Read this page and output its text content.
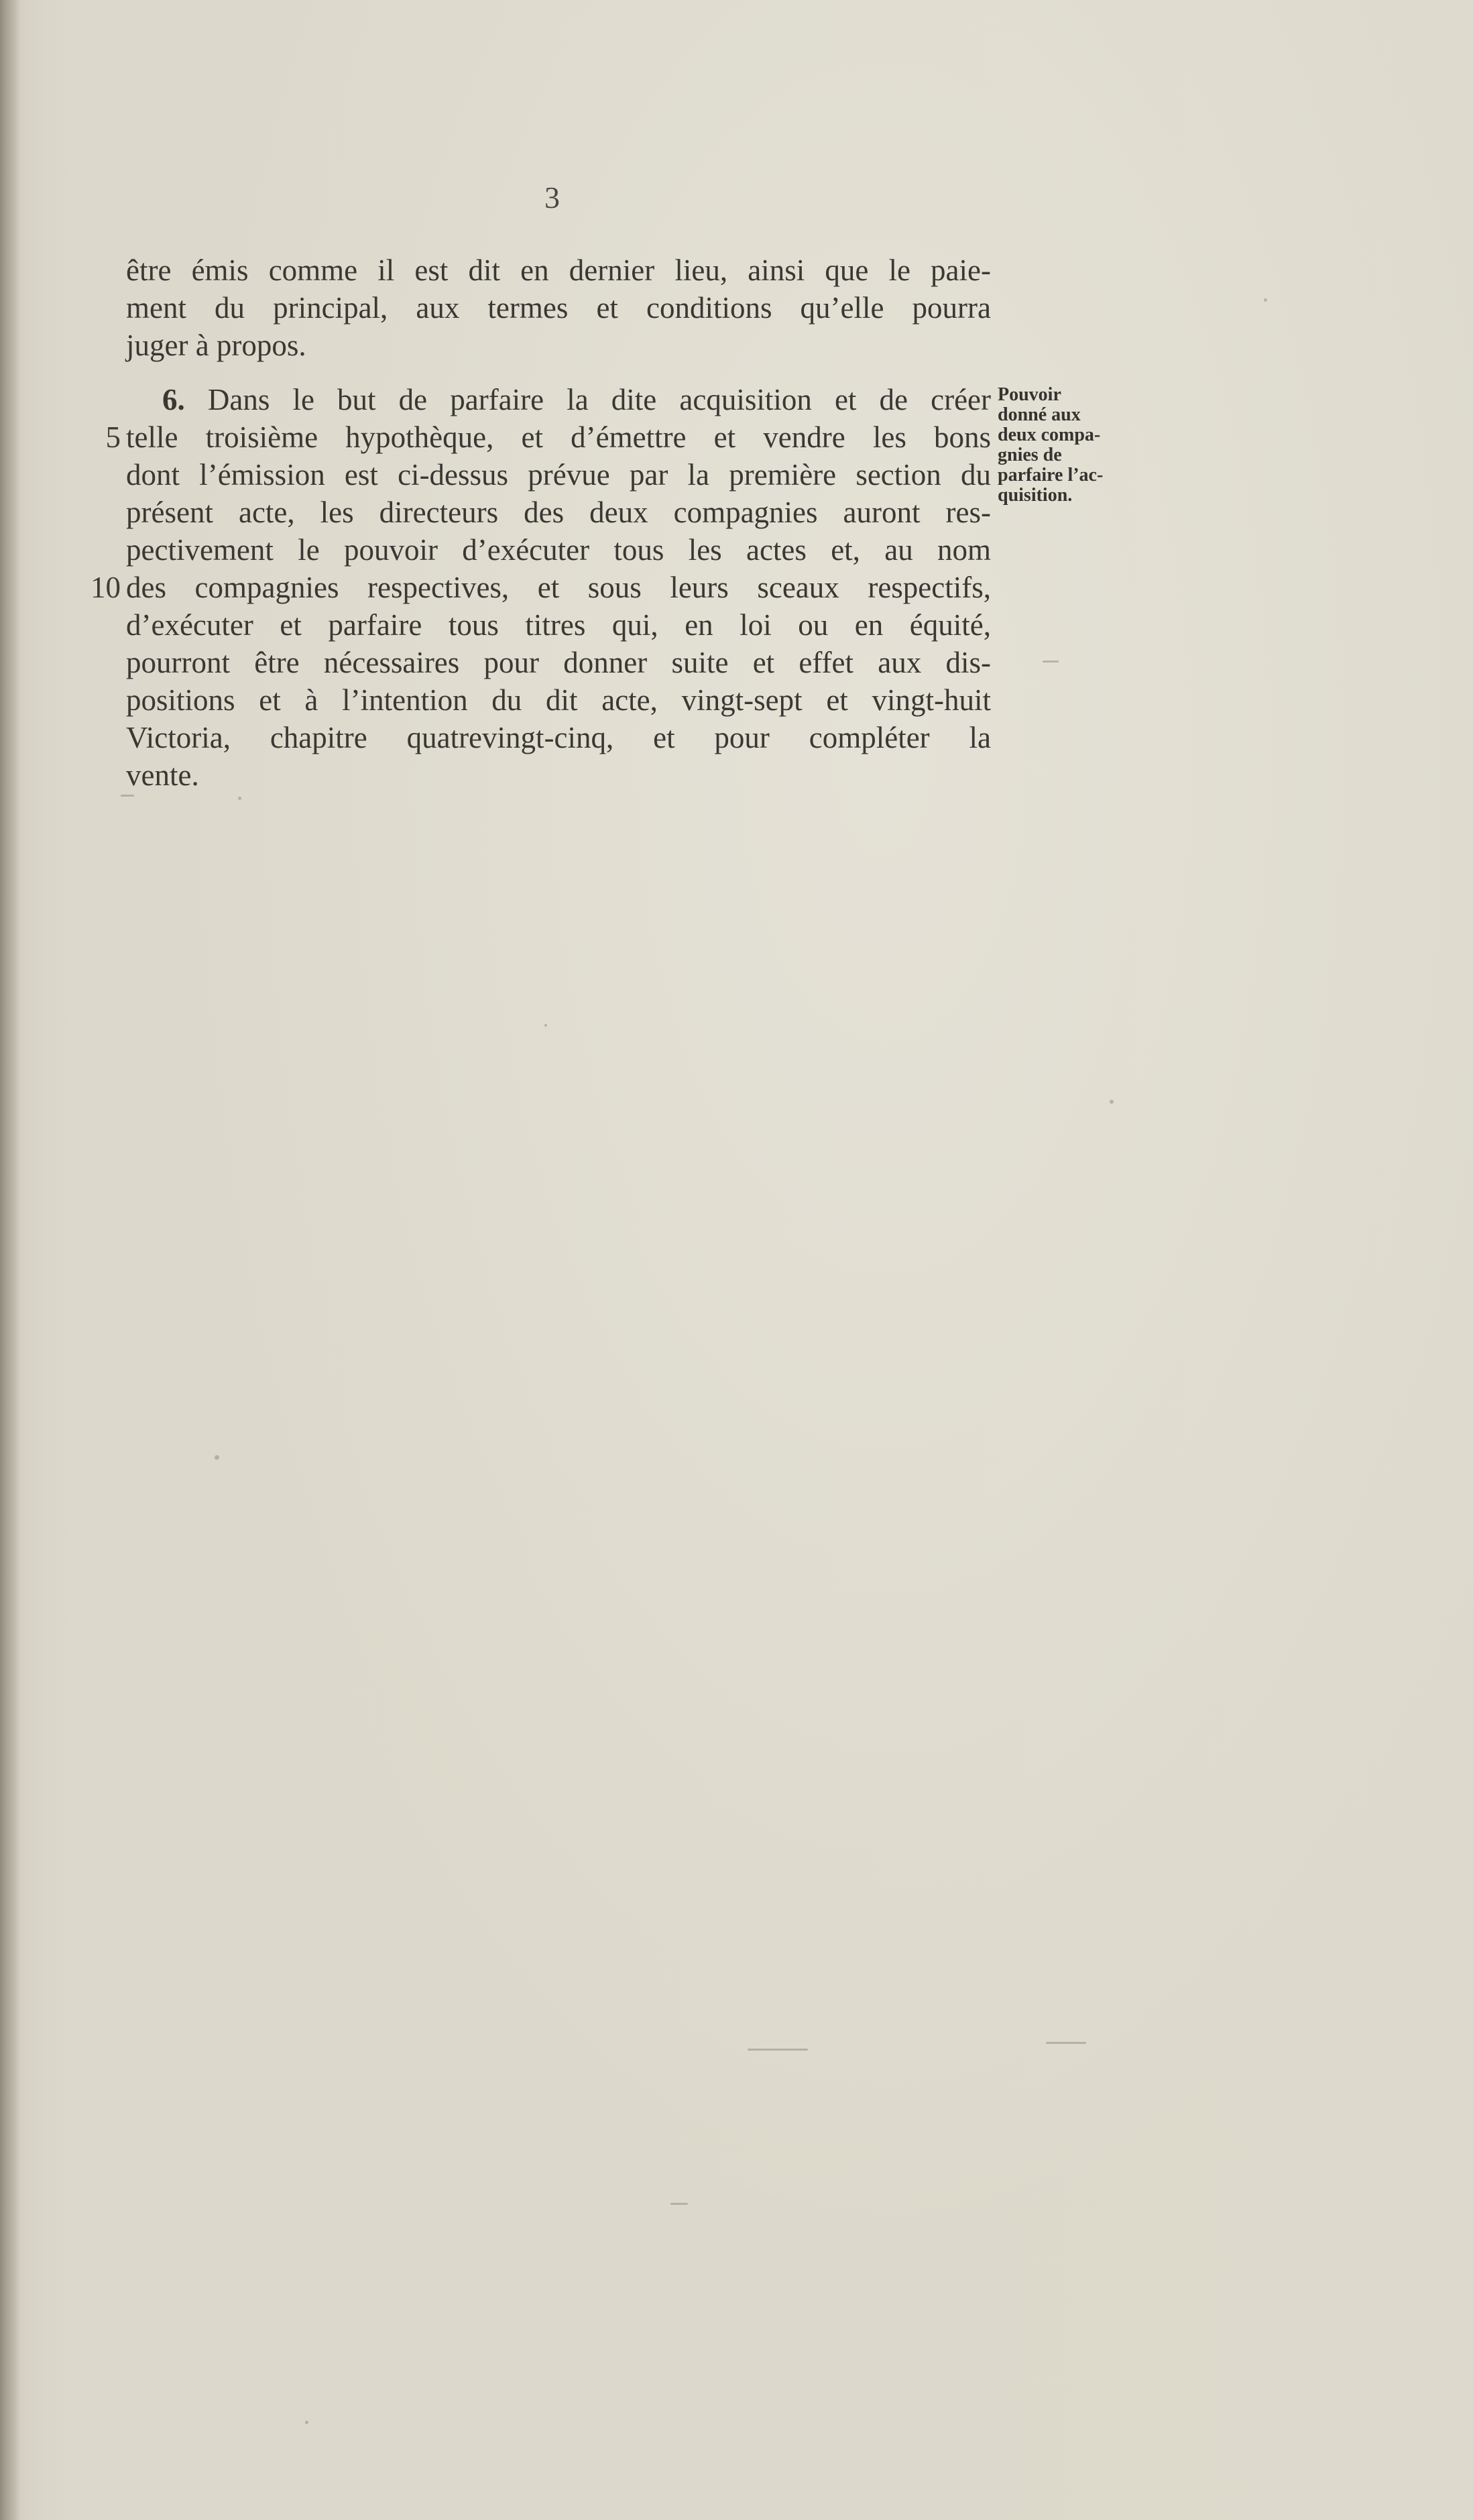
3
être émis comme il est dit en dernier lieu, ainsi que le paie-
ment du principal, aux termes et conditions qu’elle pourra
juger à propos.
6. Dans le but de parfaire la dite acquisition et de créer
telle troisième hypothèque, et d’émettre et vendre les bons
dont l’émission est ci-dessus prévue par la première section du
présent acte, les directeurs des deux compagnies auront res-
pectivement le pouvoir d’exécuter tous les actes et, au nom
des compagnies respectives, et sous leurs sceaux respectifs,
d’exécuter et parfaire tous titres qui, en loi ou en équité,
pourront être nécessaires pour donner suite et effet aux dis-
positions et à l’intention du dit acte, vingt-sept et vingt-huit
Victoria, chapitre quatrevingt-cinq, et pour compléter la
vente.
5
10
Pouvoir
donné aux
deux compa-
gnies de
parfaire l’ac-
quisition.
